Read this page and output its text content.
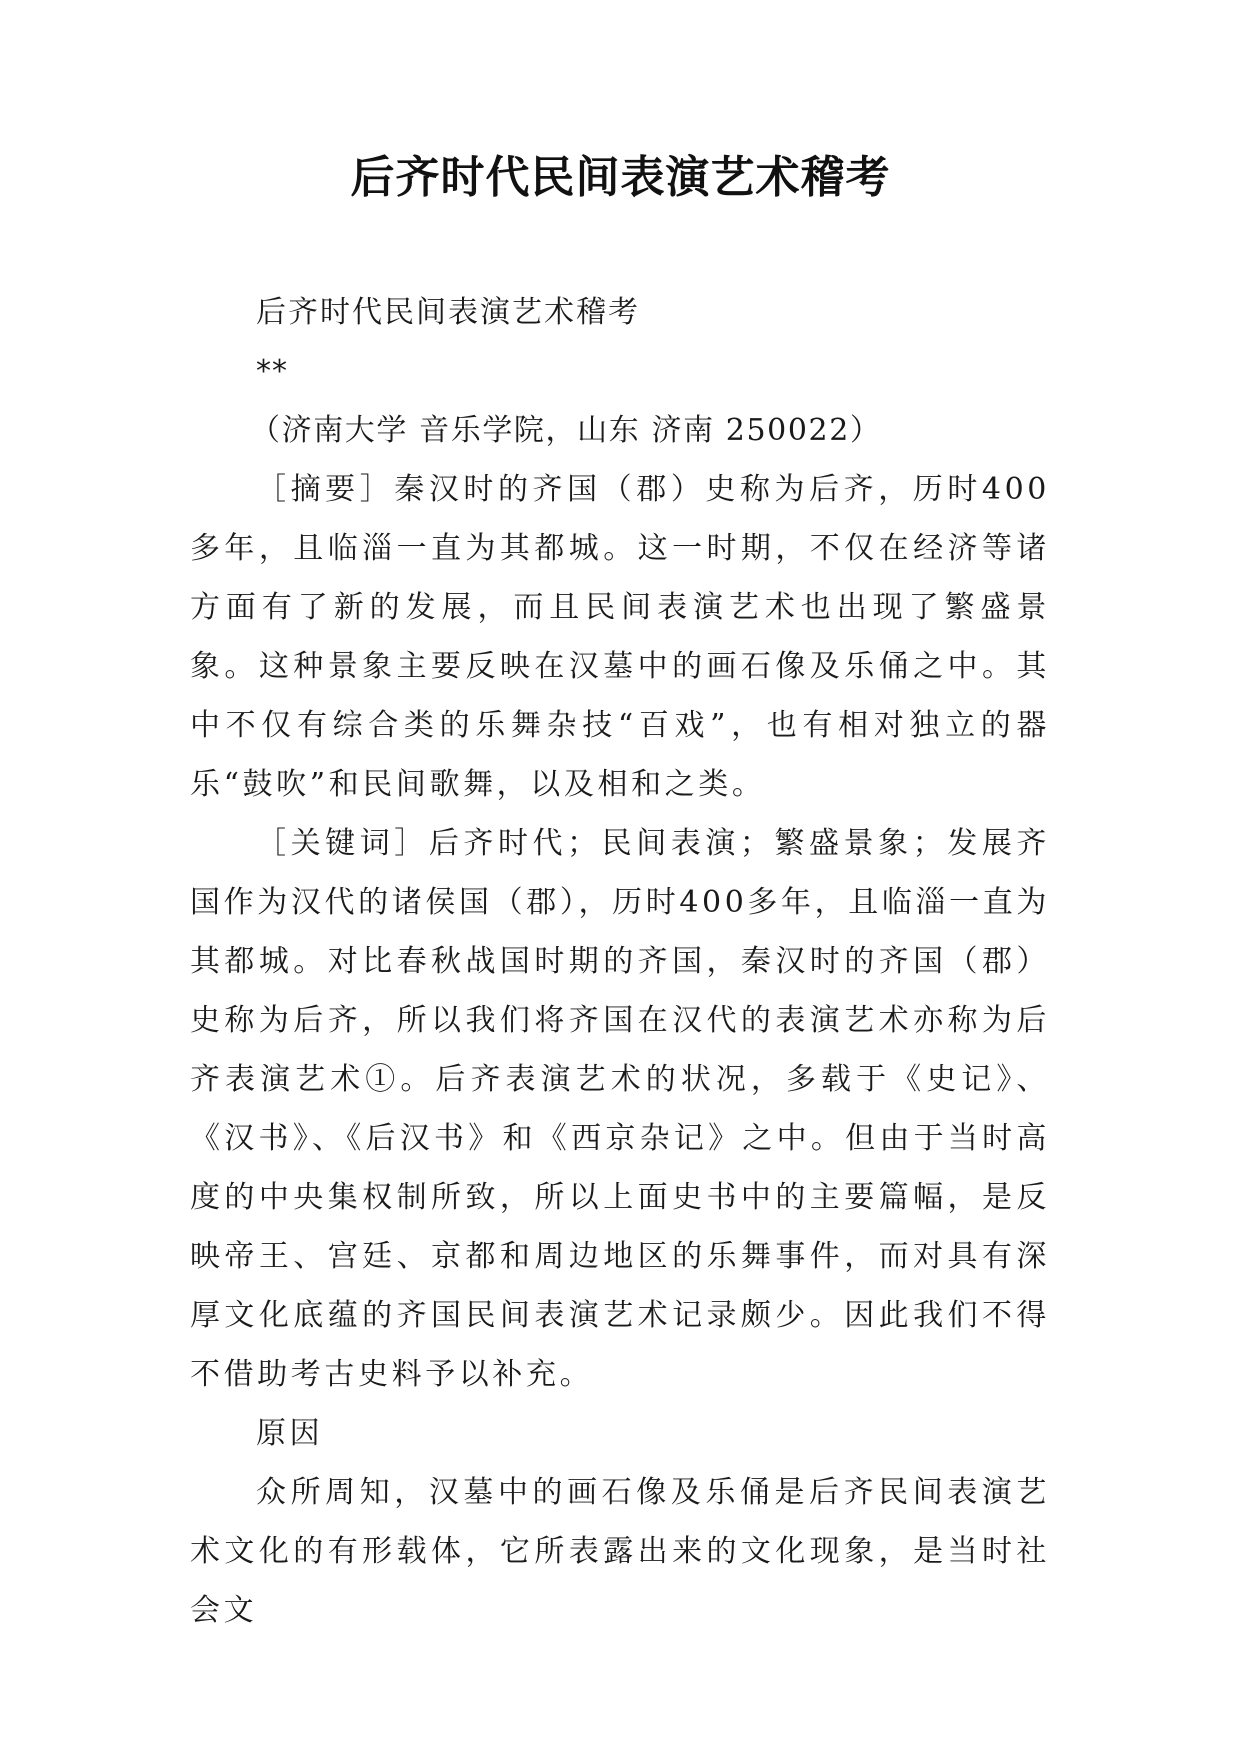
后齐时代民间表演艺术稽考

后齐时代民间表演艺术稽考

**

（济南大学 音乐学院，山东 济南 250022）

［摘要］秦汉时的齐国（郡）史称为后齐，历时400多年，且临淄一直为其都城。这一时期，不仅在经济等诸方面有了新的发展，而且民间表演艺术也出现了繁盛景象。这种景象主要反映在汉墓中的画石像及乐俑之中。其中不仅有综合类的乐舞杂技“百戏”，也有相对独立的器乐“鼓吹”和民间歌舞，以及相和之类。

［关键词］后齐时代；民间表演；繁盛景象；发展齐国作为汉代的诸侯国（郡），历时400多年，且临淄一直为其都城。对比春秋战国时期的齐国，秦汉时的齐国（郡）史称为后齐，所以我们将齐国在汉代的表演艺术亦称为后齐表演艺术①。后齐表演艺术的状况，多载于《史记》、《汉书》、《后汉书》和《西京杂记》之中。但由于当时高度的中央集权制所致，所以上面史书中的主要篇幅，是反映帝王、宫廷、京都和周边地区的乐舞事件，而对具有深厚文化底蕴的齐国民间表演艺术记录颇少。因此我们不得不借助考古史料予以补充。

原因

众所周知，汉墓中的画石像及乐俑是后齐民间表演艺术文化的有形载体，它所表露出来的文化现象，是当时社会文
